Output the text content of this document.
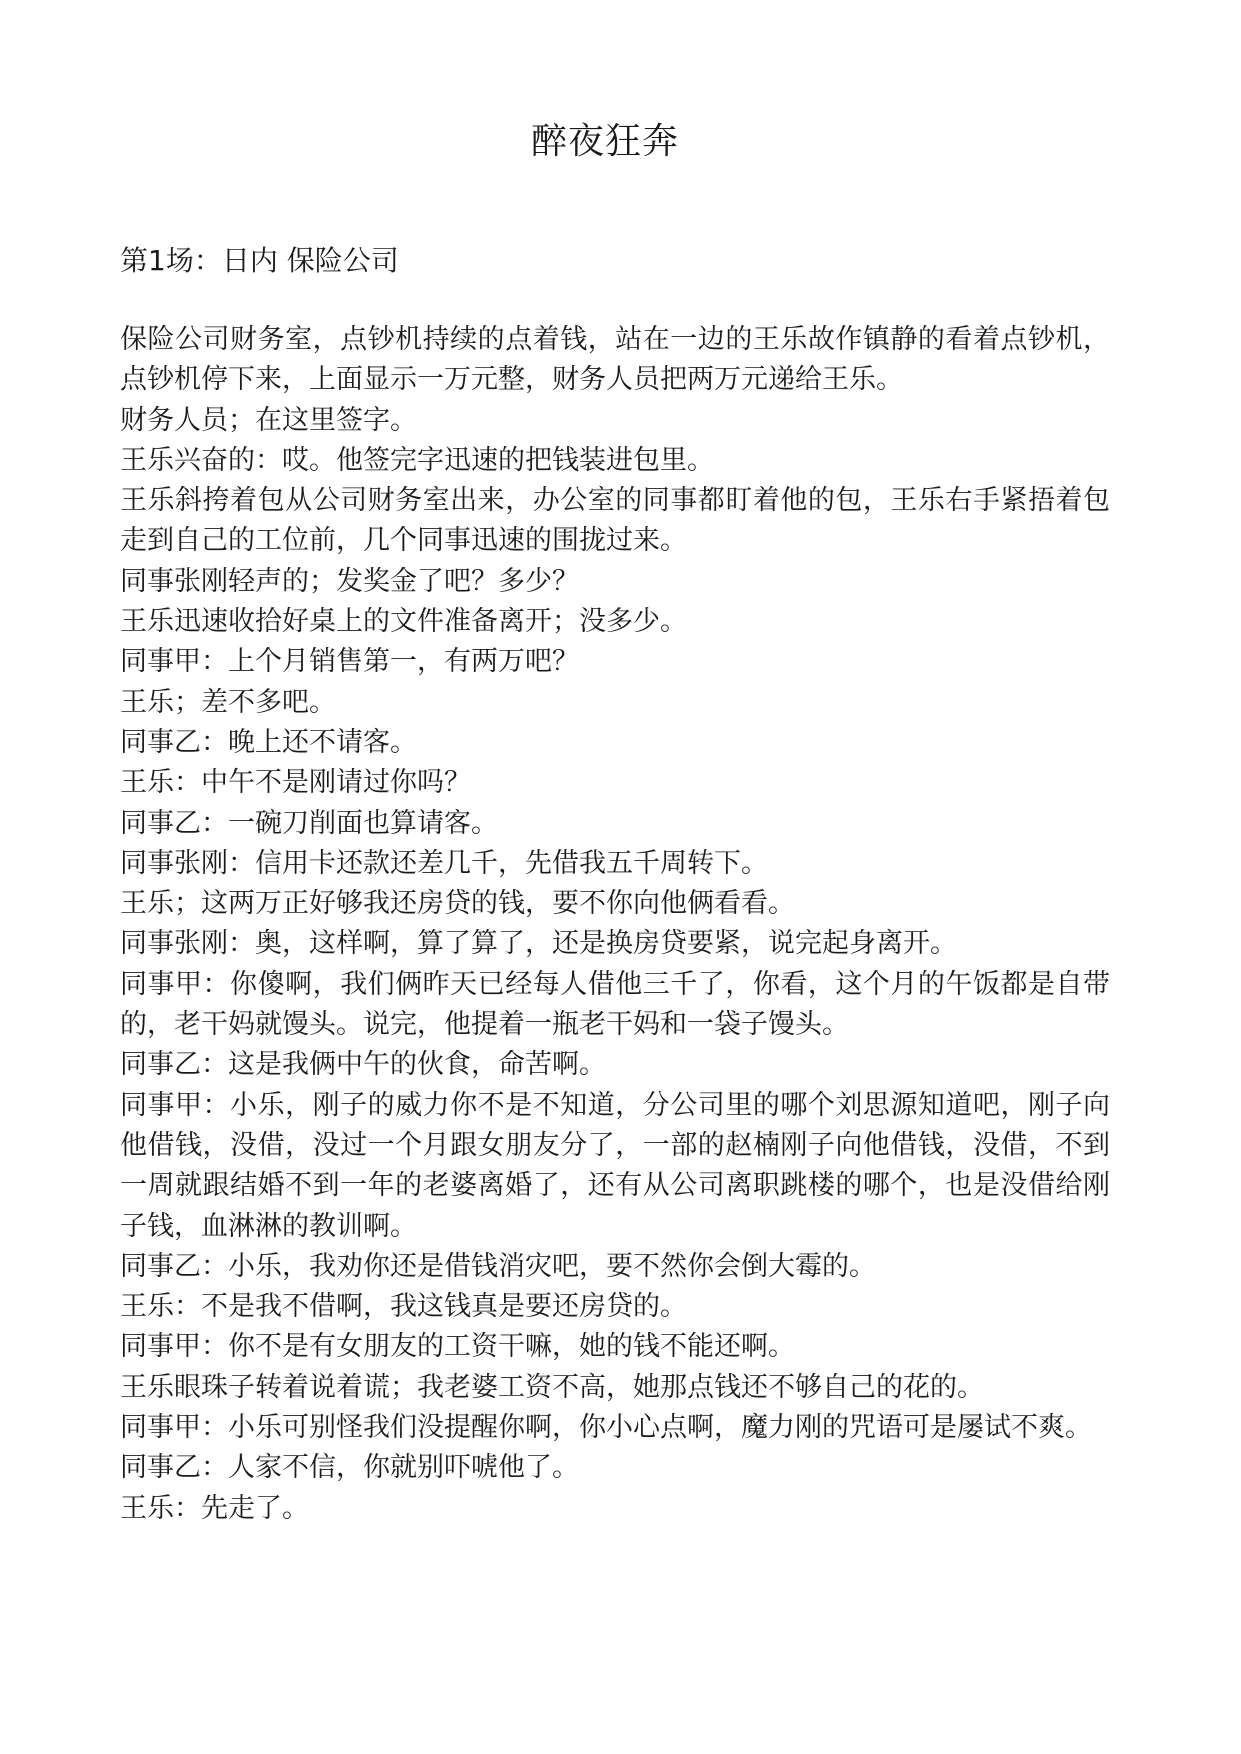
醉夜狂奔
第1场：日内 保险公司
保险公司财务室，点钞机持续的点着钱，站在一边的王乐故作镇静的看着点钞机，点钞机停下来，上面显示一万元整，财务人员把两万元递给王乐。
财务人员；在这里签字。
王乐兴奋的：哎。他签完字迅速的把钱装进包里。
王乐斜挎着包从公司财务室出来，办公室的同事都盯着他的包，王乐右手紧捂着包走到自己的工位前，几个同事迅速的围拢过来。
同事张刚轻声的；发奖金了吧？多少？
王乐迅速收拾好桌上的文件准备离开；没多少。
同事甲：上个月销售第一，有两万吧？
王乐；差不多吧。
同事乙：晚上还不请客。
王乐：中午不是刚请过你吗？
同事乙：一碗刀削面也算请客。
同事张刚：信用卡还款还差几千，先借我五千周转下。
王乐；这两万正好够我还房贷的钱，要不你向他俩看看。
同事张刚：奥，这样啊，算了算了，还是换房贷要紧，说完起身离开。
同事甲：你傻啊，我们俩昨天已经每人借他三千了，你看，这个月的午饭都是自带的，老干妈就馒头。说完，他提着一瓶老干妈和一袋子馒头。
同事乙：这是我俩中午的伙食，命苦啊。
同事甲：小乐，刚子的威力你不是不知道，分公司里的哪个刘思源知道吧，刚子向他借钱，没借，没过一个月跟女朋友分了，一部的赵楠刚子向他借钱，没借，不到一周就跟结婚不到一年的老婆离婚了，还有从公司离职跳楼的哪个，也是没借给刚子钱，血淋淋的教训啊。
同事乙：小乐，我劝你还是借钱消灾吧，要不然你会倒大霉的。
王乐：不是我不借啊，我这钱真是要还房贷的。
同事甲：你不是有女朋友的工资干嘛，她的钱不能还啊。
王乐眼珠子转着说着谎；我老婆工资不高，她那点钱还不够自己的花的。
同事甲：小乐可别怪我们没提醒你啊，你小心点啊，魔力刚的咒语可是屡试不爽。
同事乙：人家不信，你就别吓唬他了。
王乐：先走了。
